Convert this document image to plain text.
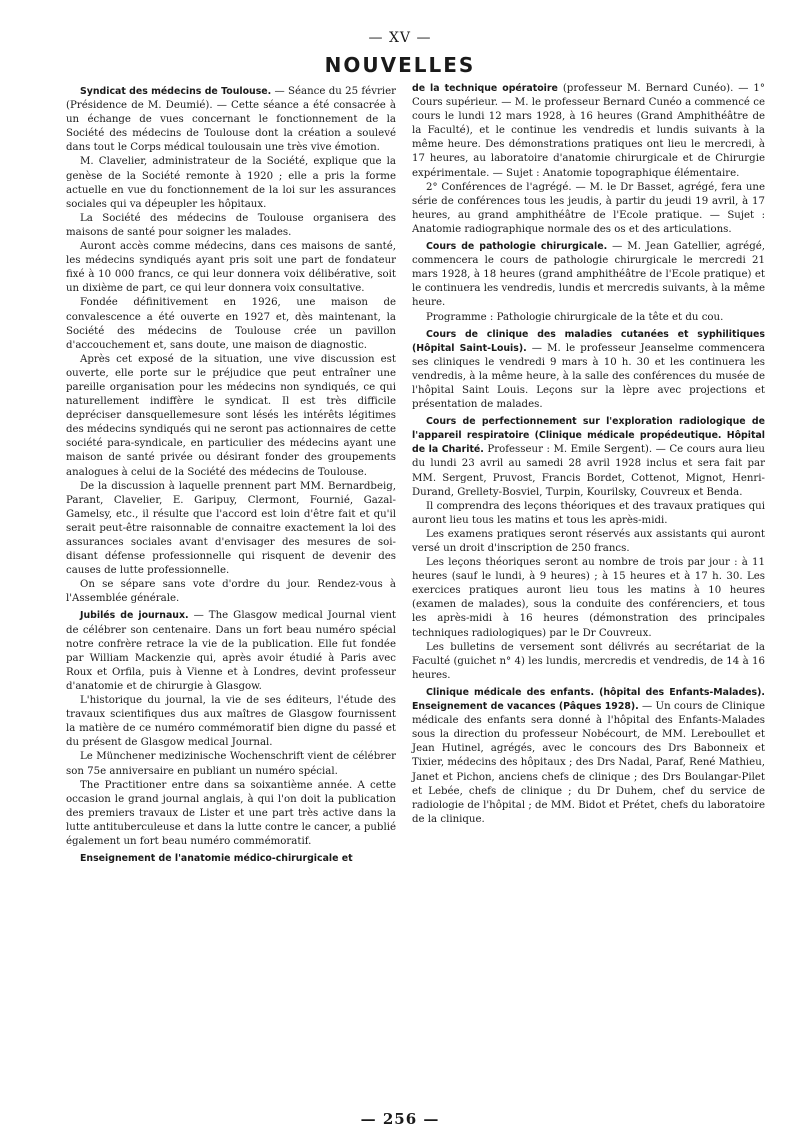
— XV —
NOUVELLES

Syndicat des médecins de Toulouse. — Séance du 25 février (Présidence de M. Deumié). — Cette séance a été consacrée à un échange de vues concernant le fonctionnement de la Société des médecins de Toulouse dont la création a soulevé dans tout le Corps médical toulousain une très vive émotion.

M. Clavelier, administrateur de la Société, explique que la genèse de la Société remonte à 1920 ; elle a pris la forme actuelle en vue du fonctionnement de la loi sur les assurances sociales qui va dépeupler les hôpitaux.

La Société des médecins de Toulouse organisera des maisons de santé pour soigner les malades.

Auront accès comme médecins, dans ces maisons de santé, les médecins syndiqués ayant pris soit une part de fondateur fixé à 10 000 francs, ce qui leur donnera voix délibérative, soit un dixième de part, ce qui leur donnera voix consultative.

Fondée définitivement en 1926, une maison de convalescence a été ouverte en 1927 et, dès maintenant, la Société des médecins de Toulouse crée un pavillon d'accouchement et, sans doute, une maison de diagnostic.

Après cet exposé de la situation, une vive discussion est ouverte, elle porte sur le préjudice que peut entraîner une pareille organisation pour les médecins non syndiqués, ce qui naturellement indiffère le syndicat. Il est très difficile depréciser dansquellemesure sont lésés les intérêts légitimes des médecins syndiqués qui ne seront pas actionnaires de cette société para-syndicale, en particulier des médecins ayant une maison de santé privée ou désirant fonder des groupements analogues à celui de la Société des médecins de Toulouse.

De la discussion à laquelle prennent part MM. Bernardbeig, Parant, Clavelier, E. Garipuy, Clermont, Fournié, Gazal-Gamelsy, etc., il résulte que l'accord est loin d'être fait et qu'il serait peut-être raisonnable de connaitre exactement la loi des assurances sociales avant d'envisager des mesures de soi-disant défense professionnelle qui risquent de devenir des causes de lutte professionnelle.

On se sépare sans vote d'ordre du jour. Rendez-vous à l'Assemblée générale.

Jubilés de journaux. — The Glasgow medical Journal vient de célébrer son centenaire. Dans un fort beau numéro spécial notre confrère retrace la vie de la publication. Elle fut fondée par William Mackenzie qui, après avoir étudié à Paris avec Roux et Orfila, puis à Vienne et à Londres, devint professeur d'anatomie et de chirurgie à Glasgow.

L'historique du journal, la vie de ses éditeurs, l'étude des travaux scientifiques dus aux maîtres de Glasgow fournissent la matière de ce numéro commémoratif bien digne du passé et du présent de Glasgow medical Journal.

Le Münchener medizinische Wochenschrift vient de célébrer son 75e anniversaire en publiant un numéro spécial.

The Practitioner entre dans sa soixantième année. A cette occasion le grand journal anglais, à qui l'on doit la publication des premiers travaux de Lister et une part très active dans la lutte antituberculeuse et dans la lutte contre le cancer, a publié également un fort beau numéro commémoratif.

Enseignement de l'anatomie médico-chirurgicale et

de la technique opératoire (professeur M. Bernard Cunéo). — 1° Cours supérieur. — M. le professeur Bernard Cunéo a commencé ce cours le lundi 12 mars 1928, à 16 heures (Grand Amphithéâtre de la Faculté), et le continue les vendredis et lundis suivants à la même heure. Des démonstrations pratiques ont lieu le mercredi, à 17 heures, au laboratoire d'anatomie chirurgicale et de Chirurgie expérimentale. — Sujet : Anatomie topographique élémentaire.

2° Conférences de l'agrégé. — M. le Dr Basset, agrégé, fera une série de conférences tous les jeudis, à partir du jeudi 19 avril, à 17 heures, au grand amphithéâtre de l'Ecole pratique. — Sujet : Anatomie radiographique normale des os et des articulations.

Cours de pathologie chirurgicale. — M. Jean Gatellier, agrégé, commencera le cours de pathologie chirurgicale le mercredi 21 mars 1928, à 18 heures (grand amphithéâtre de l'Ecole pratique) et le continuera les vendredis, lundis et mercredis suivants, à la même heure.

Programme : Pathologie chirurgicale de la tête et du cou.

Cours de clinique des maladies cutanées et syphilitiques (Hôpital Saint-Louis). — M. le professeur Jeanselme commencera ses cliniques le vendredi 9 mars à 10 h. 30 et les continuera les vendredis, à la même heure, à la salle des conférences du musée de l'hôpital Saint Louis. Leçons sur la lèpre avec projections et présentation de malades.

Cours de perfectionnement sur l'exploration radiologique de l'appareil respiratoire (Clinique médicale propédeutique. Hôpital de la Charité. Professeur : M. Emile Sergent). — Ce cours aura lieu du lundi 23 avril au samedi 28 avril 1928 inclus et sera fait par MM. Sergent, Pruvost, Francis Bordet, Cottenot, Mignot, Henri-Durand, Grellety-Bosviel, Turpin, Kourilsky, Couvreux et Benda.

Il comprendra des leçons théoriques et des travaux pratiques qui auront lieu tous les matins et tous les après-midi.

Les examens pratiques seront réservés aux assistants qui auront versé un droit d'inscription de 250 francs.

Les leçons théoriques seront au nombre de trois par jour : à 11 heures (sauf le lundi, à 9 heures) ; à 15 heures et à 17 h. 30. Les exercices pratiques auront lieu tous les matins à 10 heures (examen de malades), sous la conduite des conférenciers, et tous les après-midi à 16 heures (démonstration des principales techniques radiologiques) par le Dr Couvreux.

Les bulletins de versement sont délivrés au secrétariat de la Faculté (guichet n° 4) les lundis, mercredis et vendredis, de 14 à 16 heures.

Clinique médicale des enfants. (hôpital des Enfants-Malades). Enseignement de vacances (Pâques 1928). — Un cours de Clinique médicale des enfants sera donné à l'hôpital des Enfants-Malades sous la direction du professeur Nobécourt, de MM. Lereboullet et Jean Hutinel, agrégés, avec le concours des Drs Babonneix et Tixier, médecins des hôpitaux ; des Drs Nadal, Paraf, René Mathieu, Janet et Pichon, anciens chefs de clinique ; des Drs Boulangar-Pilet et Lebée, chefs de clinique ; du Dr Duhem, chef du service de radiologie de l'hôpital ; de MM. Bidot et Prétet, chefs du laboratoire de la clinique.

— 256 —
